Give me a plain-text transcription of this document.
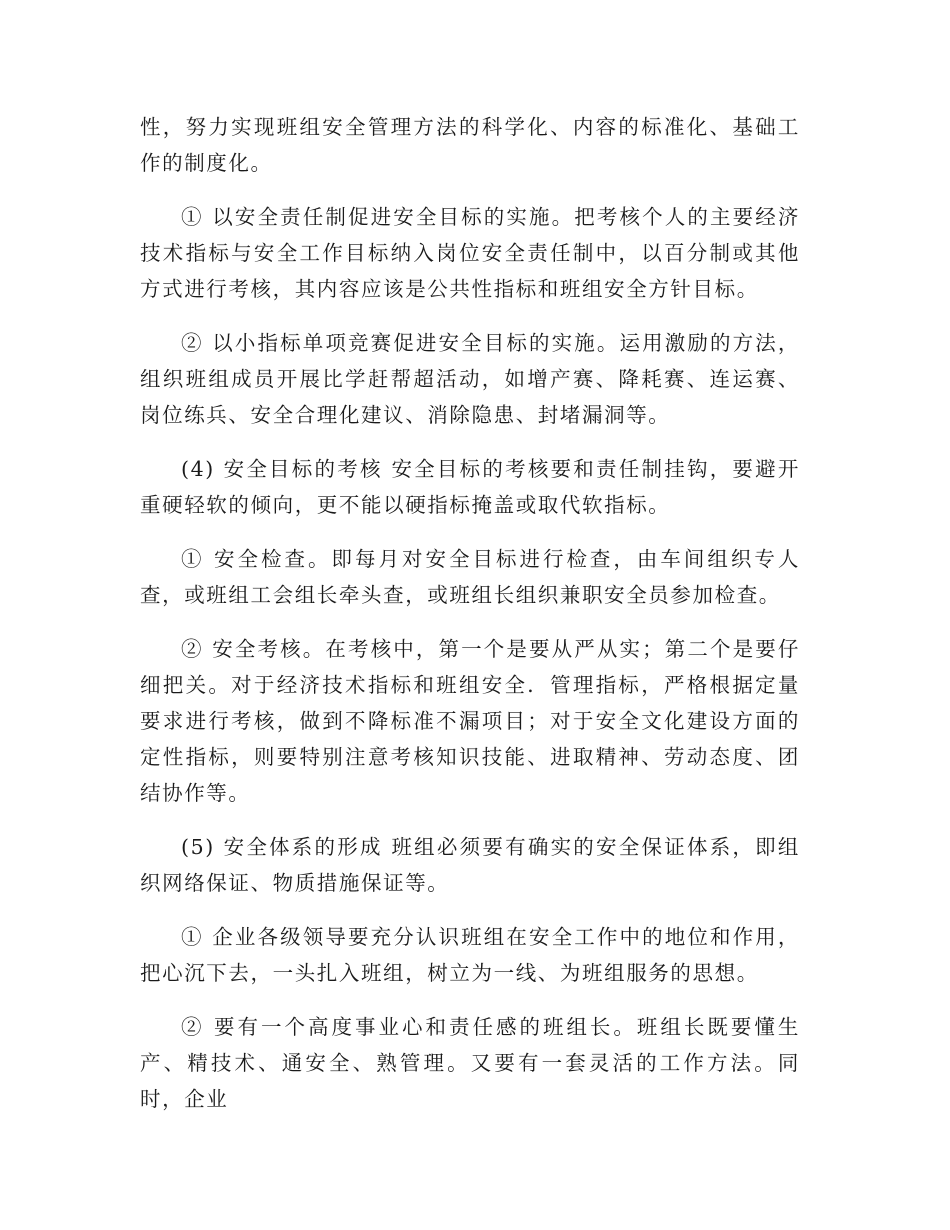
性，努力实现班组安全管理方法的科学化、内容的标准化、基础工作的制度化。

① 以安全责任制促进安全目标的实施。把考核个人的主要经济技术指标与安全工作目标纳入岗位安全责任制中，以百分制或其他方式进行考核，其内容应该是公共性指标和班组安全方针目标。

② 以小指标单项竞赛促进安全目标的实施。运用激励的方法，组织班组成员开展比学赶帮超活动，如增产赛、降耗赛、连运赛、岗位练兵、安全合理化建议、消除隐患、封堵漏洞等。

(4) 安全目标的考核 安全目标的考核要和责任制挂钩，要避开重硬轻软的倾向，更不能以硬指标掩盖或取代软指标。

① 安全检查。即每月对安全目标进行检查，由车间组织专人查，或班组工会组长牵头查，或班组长组织兼职安全员参加检查。

② 安全考核。在考核中，第一个是要从严从实；第二个是要仔细把关。对于经济技术指标和班组安全．管理指标，严格根据定量要求进行考核，做到不降标准不漏项目；对于安全文化建设方面的定性指标，则要特别注意考核知识技能、进取精神、劳动态度、团结协作等。

(5) 安全体系的形成 班组必须要有确实的安全保证体系，即组织网络保证、物质措施保证等。

① 企业各级领导要充分认识班组在安全工作中的地位和作用，把心沉下去，一头扎入班组，树立为一线、为班组服务的思想。

② 要有一个高度事业心和责任感的班组长。班组长既要懂生产、精技术、通安全、熟管理。又要有一套灵活的工作方法。同时，企业
